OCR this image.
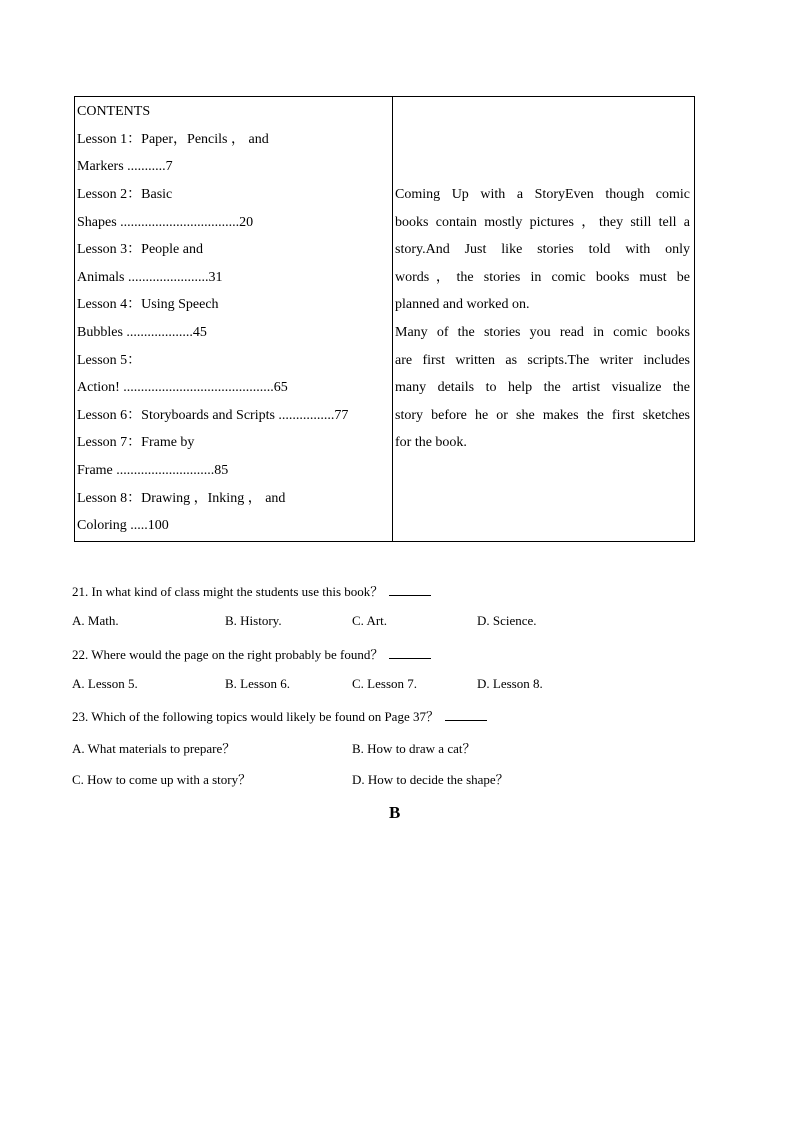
CONTENTS
Lesson 1：Paper，Pencils ， and
Markers ...........7
Lesson 2：Basic
Shapes ..................................20
Lesson 3：People and
Animals .......................31
Lesson 4：Using Speech
Bubbles ...................45
Lesson 5：
Action! ...........................................65
Lesson 6：Storyboards and Scripts ................77
Lesson 7：Frame by
Frame ............................85
Lesson 8：Drawing ，Inking ， and
Coloring .....100

Coming Up with a StoryEven though comic
books contain mostly pictures ，they still tell a
story.And Just like stories told with only
words，the stories in comic books must be
planned and worked on.
Many of the stories you read in comic books
are first written as scripts.The writer includes
many details to help the artist visualize the
story before he or she makes the first sketches
for the book.
21. In what kind of class might the students use this book？
A. Math.	B. History.	C. Art.	D. Science.
22. Where would the page on the right probably be found？
A. Lesson 5.	B. Lesson 6.	C. Lesson 7.	D. Lesson 8.
23. Which of the following topics would likely be found on Page 37？
A. What materials to prepare？	B. How to draw a cat？
C. How to come up with a story？	D. How to decide the shape？
B
